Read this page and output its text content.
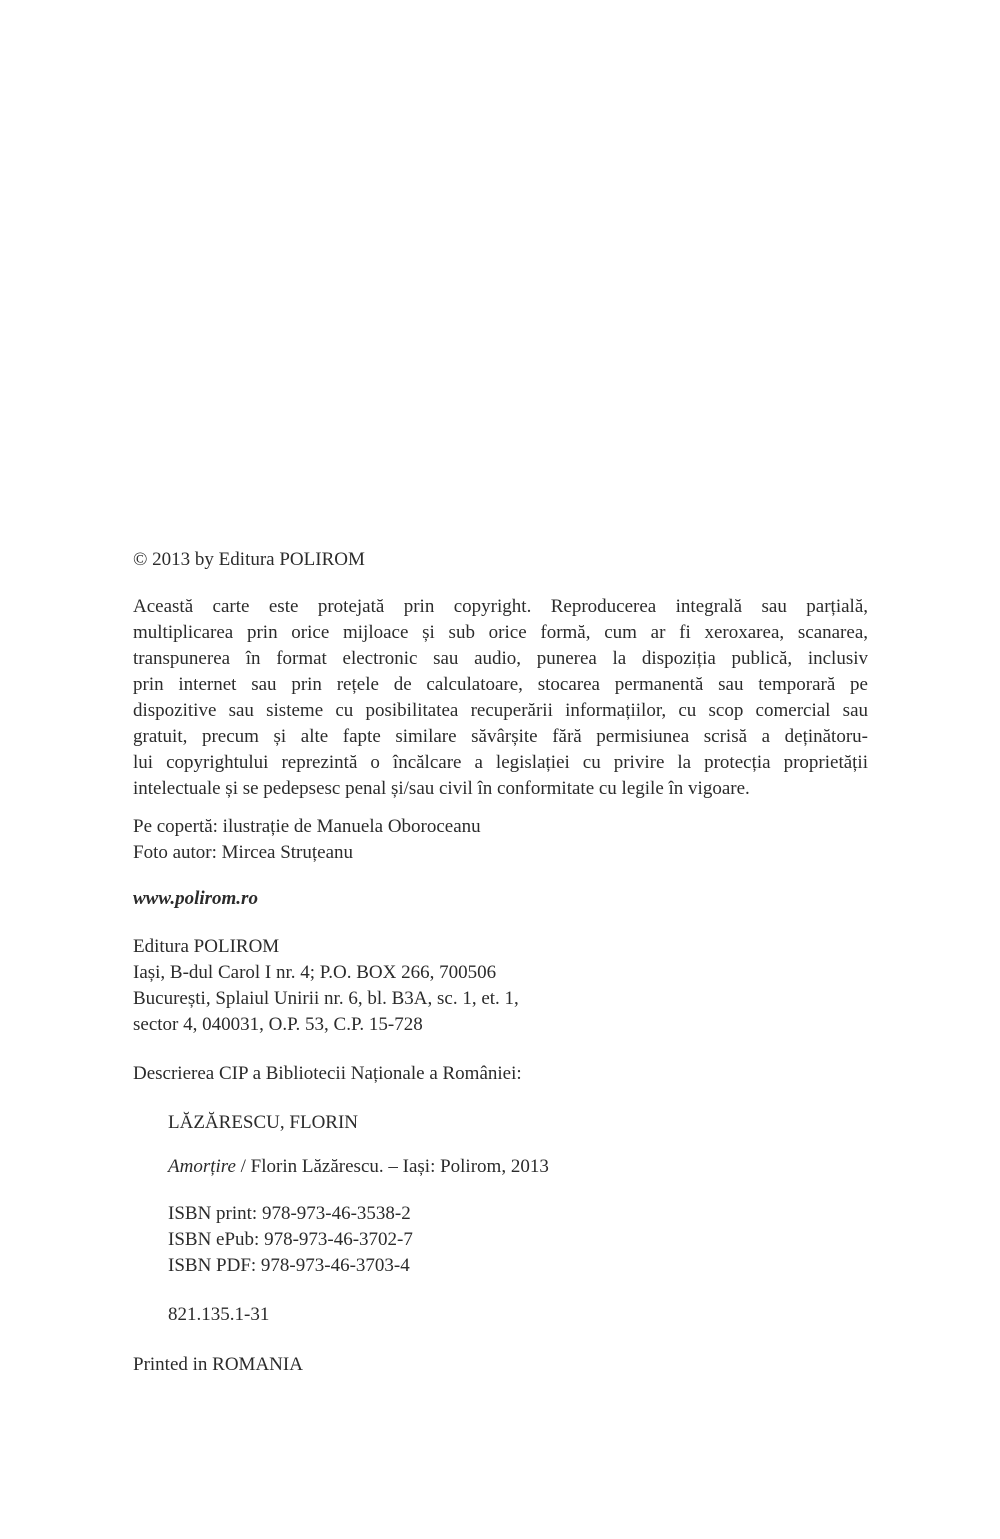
© 2013 by Editura POLIROM
Această carte este protejată prin copyright. Reproducerea integrală sau parțială,
multiplicarea prin orice mijloace și sub orice formă, cum ar fi xeroxarea, scanarea,
transpunerea în format electronic sau audio, punerea la dispoziția publică, inclusiv
prin internet sau prin rețele de calculatoare, stocarea permanentă sau temporară pe
dispozitive sau sisteme cu posibilitatea recuperării informațiilor, cu scop comercial sau
gratuit, precum și alte fapte similare săvârșite fără permisiunea scrisă a deținătoru-
lui copyrightului reprezintă o încălcare a legislației cu privire la protecția proprietății
intelectuale și se pedepsesc penal și/sau civil în conformitate cu legile în vigoare.
Pe copertă: ilustrație de Manuela Oboroceanu
Foto autor: Mircea Struțeanu
www.polirom.ro
Editura POLIROM
Iași, B-dul Carol I nr. 4; P.O. BOX 266, 700506
București, Splaiul Unirii nr. 6, bl. B3A, sc. 1, et. 1,
sector 4, 040031, O.P. 53, C.P. 15-728
Descrierea CIP a Bibliotecii Naționale a României:
LĂZĂRESCU, FLORIN
Amorțire / Florin Lăzărescu. – Iași: Polirom, 2013
ISBN print: 978-973-46-3538-2
ISBN ePub: 978-973-46-3702-7
ISBN PDF: 978-973-46-3703-4
821.135.1-31
Printed in ROMANIA
